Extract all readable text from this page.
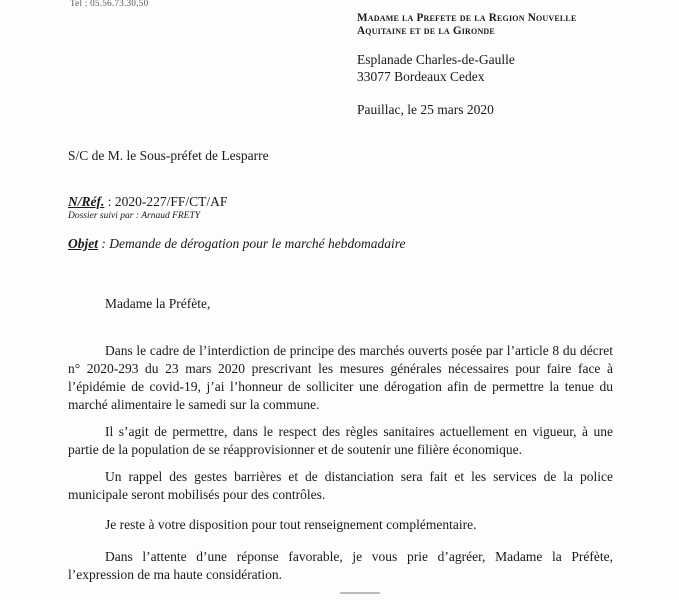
Tel : 05.56.73.30.50
Madame la Prefete de la Region Nouvelle
Aquitaine et de la Gironde
Esplanade Charles-de-Gaulle
33077 Bordeaux Cedex
Pauillac, le 25 mars 2020
S/C de M. le Sous-préfet de Lesparre
N/Réf. : 2020-227/FF/CT/AF
Dossier suivi par : Arnaud FRETY
Objet : Demande de dérogation pour le marché hebdomadaire
Madame la Préfète,
Dans le cadre de l’interdiction de principe des marchés ouverts posée par l’article 8 du décret n° 2020-293 du 23 mars 2020 prescrivant les mesures générales nécessaires pour faire face à l’épidémie de covid-19, j’ai l’honneur de solliciter une dérogation afin de permettre la tenue du marché alimentaire le samedi sur la commune.
Il s’agit de permettre, dans le respect des règles sanitaires actuellement en vigueur, à une partie de la population de se réapprovisionner et de soutenir une filière économique.
Un rappel des gestes barrières et de distanciation sera fait et les services de la police municipale seront mobilisés pour des contrôles.
Je reste à votre disposition pour tout renseignement complémentaire.
Dans l’attente d’une réponse favorable, je vous prie d’agréer, Madame la Préfète, l’expression de ma haute considération.
